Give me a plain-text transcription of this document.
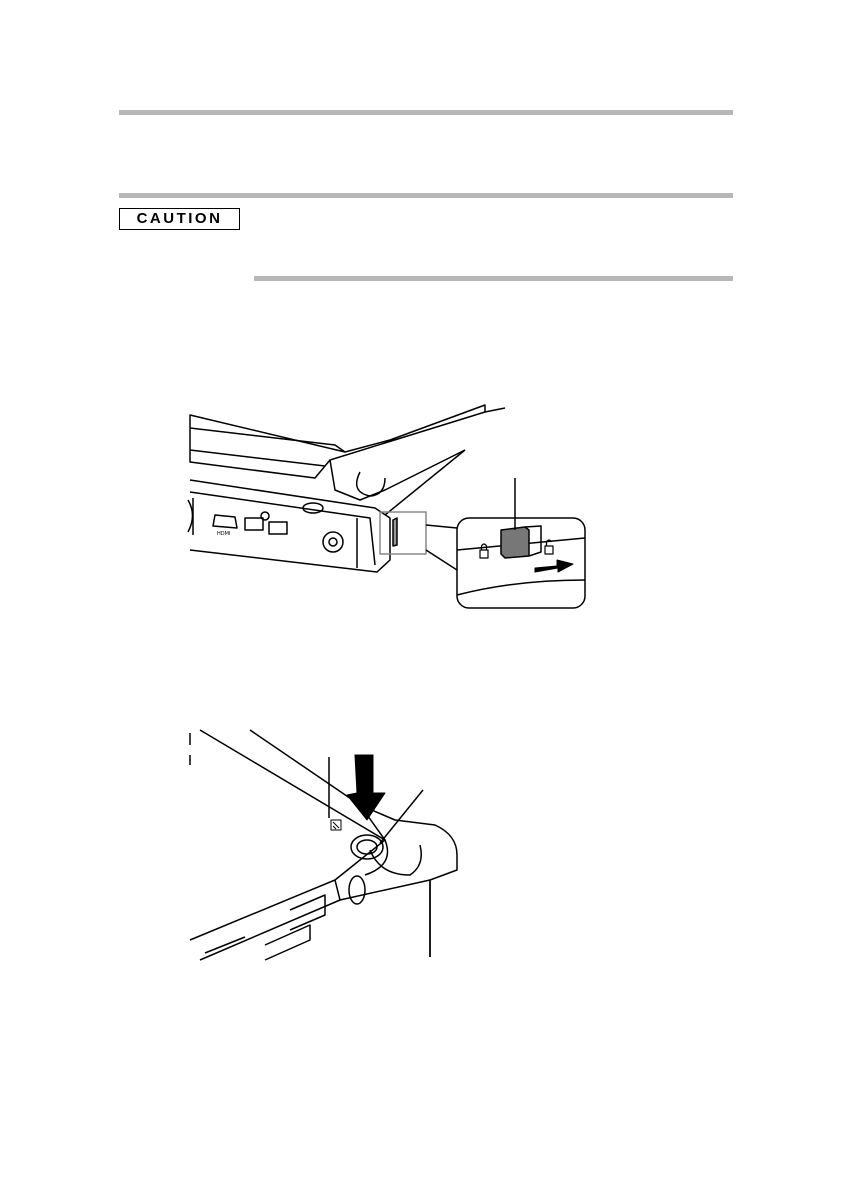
CAUTION
HDMI
